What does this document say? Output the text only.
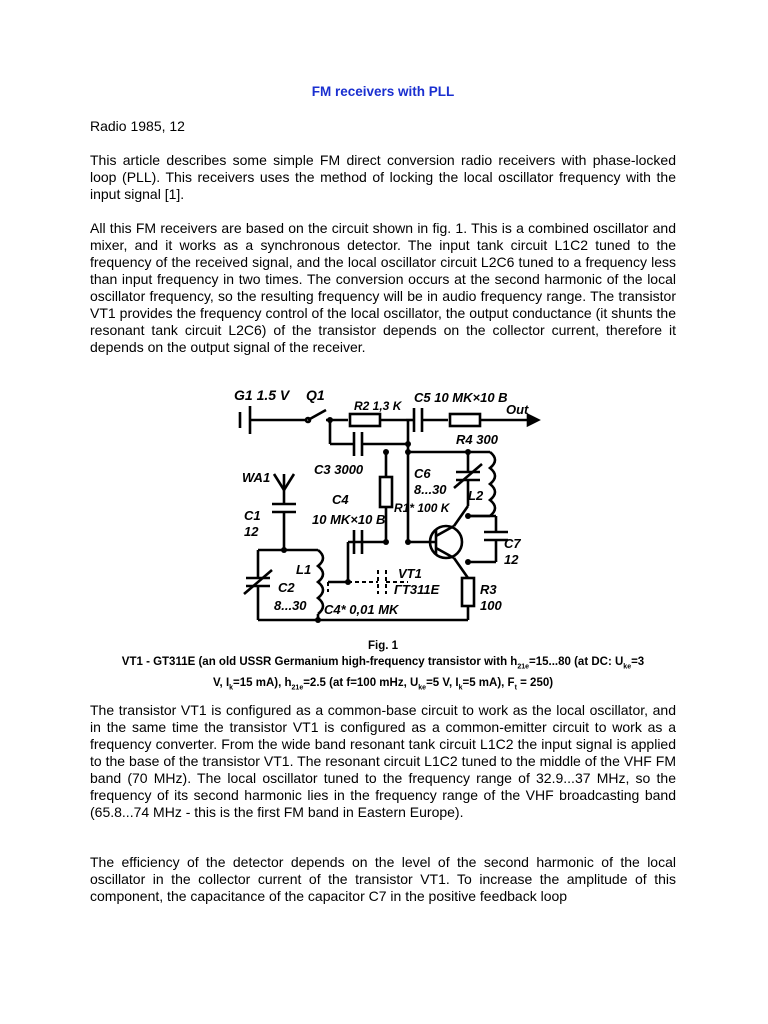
FM receivers with PLL

Radio 1985, 12

This article describes some simple FM direct conversion radio receivers with phase-locked loop (PLL). This receivers uses the method of locking the local oscillator frequency with the input signal [1].

All this FM receivers are based on the circuit shown in fig. 1. This is a combined oscillator and mixer, and it works as a synchronous detector. The input tank circuit L1C2 tuned to the frequency of the received signal, and the local oscillator circuit L2C6 tuned to a frequency less than input frequency in two times. The conversion occurs at the second harmonic of the local oscillator frequency, so the resulting frequency will be in audio frequency range. The transistor VT1 provides the frequency control of the local oscillator, the output conductance (it shunts the resonant tank circuit L2C6) of the transistor depends on the collector current, therefore it depends on the output signal of the receiver.

G1 1.5 V Q1
R2 1,3 K
C5 10 MK×10 B
Out
R4 300
C3 3000
WA1	C6
8...30 L2
C1
12
C4
10 MK×10 B
R1* 100 K
C7
12
L1
C2
8...30
VT1
ГT311E	R3
100
C4* 0,01 MK
Fig. 1
VT1 - GT311E (an old USSR Germanium high-frequency transistor with $h_{21e}=15...80$ (at DC: $U_{ke}=3$
V, $I_k=15$ mA), $h_{21e}=2.5$ (at f=100 mHz, $U_{ke}=5$ V, $I_k=5$ mA), $F_t = 250$)

The transistor VT1 is configured as a common-base circuit to work as the local oscillator, and in the same time the transistor VT1 is configured as a common-emitter circuit to work as a frequency converter. From the wide band resonant tank circuit L1C2 the input signal is applied to the base of the transistor VT1. The resonant circuit L1C2 tuned to the middle of the VHF FM band (70 MHz). The local oscillator tuned to the frequency range of 32.9...37 MHz, so the frequency of its second harmonic lies in the frequency range of the VHF broadcasting band (65.8...74 MHz - this is the first FM band in Eastern Europe).

The efficiency of the detector depends on the level of the second harmonic of the local oscillator in the collector current of the transistor VT1. To increase the amplitude of this component, the capacitance of the capacitor C7 in the positive feedback loop
